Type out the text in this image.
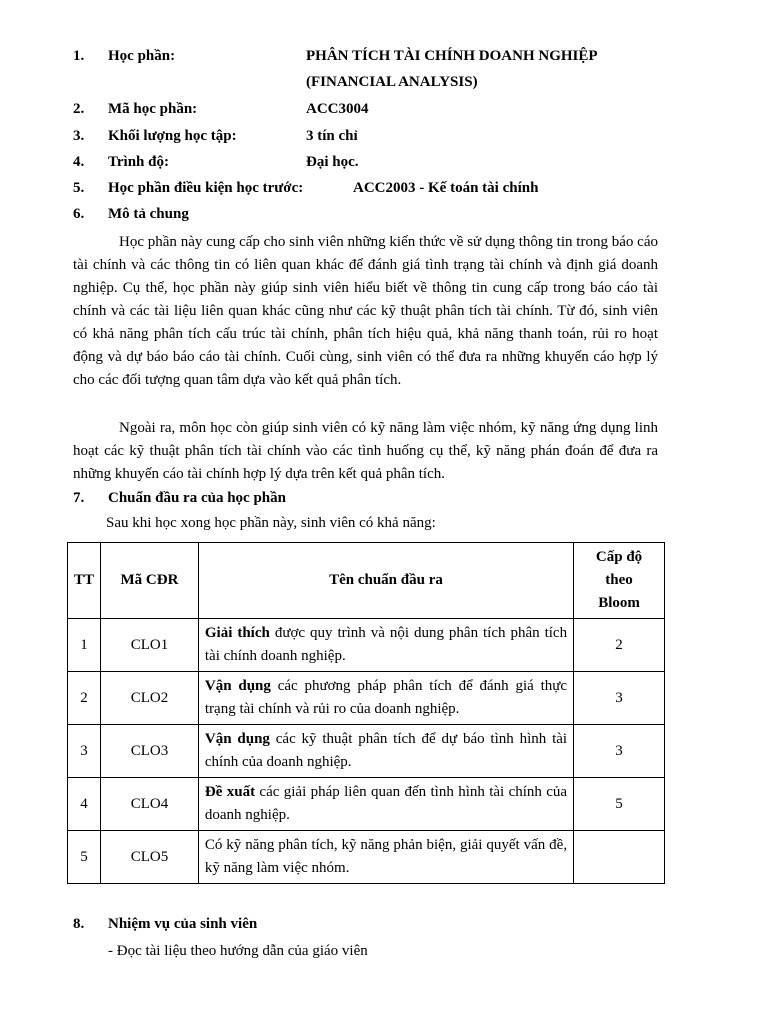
1. Học phần:	PHÂN TÍCH TÀI CHÍNH DOANH NGHIỆP
(FINANCIAL ANALYSIS)
2. Mã học phần:	ACC3004
3. Khối lượng học tập:	3 tín chỉ
4. Trình độ:	Đại học.
5. Học phần điều kiện học trước:	ACC2003 - Kế toán tài chính
6. Mô tả chung
Học phần này cung cấp cho sinh viên những kiến thức về sử dụng thông tin trong báo cáo tài chính và các thông tin có liên quan khác để đánh giá tình trạng tài chính và định giá doanh nghiệp. Cụ thể, học phần này giúp sinh viên hiểu biết về thông tin cung cấp trong báo cáo tài chính và các tài liệu liên quan khác cũng như các kỹ thuật phân tích tài chính. Từ đó, sinh viên có khả năng phân tích cấu trúc tài chính, phân tích hiệu quả, khả năng thanh toán, rủi ro hoạt động và dự báo báo cáo tài chính. Cuối cùng, sinh viên có thể đưa ra những khuyến cáo hợp lý cho các đối tượng quan tâm dựa vào kết quả phân tích.
Ngoài ra, môn học còn giúp sinh viên có kỹ năng làm việc nhóm, kỹ năng ứng dụng linh hoạt các kỹ thuật phân tích tài chính vào các tình huống cụ thể, kỹ năng phán đoán để đưa ra những khuyến cáo tài chính hợp lý dựa trên kết quả phân tích.
7. Chuẩn đầu ra của học phần
Sau khi học xong học phần này, sinh viên có khả năng:
TT	Mã CĐR	Tên chuẩn đầu ra	Cấp độ
theo
Bloom

1	CLO1	Giải thích được quy trình và nội dung phân tích phân tích tài chính doanh nghiệp.	2
2	CLO2	Vận dụng các phương pháp phân tích để đánh giá thực trạng tài chính và rủi ro của doanh nghiệp.	3
3	CLO3	Vận dụng các kỹ thuật phân tích để dự báo tình hình tài chính của doanh nghiệp.	3
4	CLO4	Đề xuất các giải pháp liên quan đến tình hình tài chính của doanh nghiệp.	5
5	CLO5	Có kỹ năng phân tích, kỹ năng phản biện, giải quyết vấn đề, kỹ năng làm việc nhóm.	
8. Nhiệm vụ của sinh viên
- Đọc tài liệu theo hướng dẫn của giáo viên
